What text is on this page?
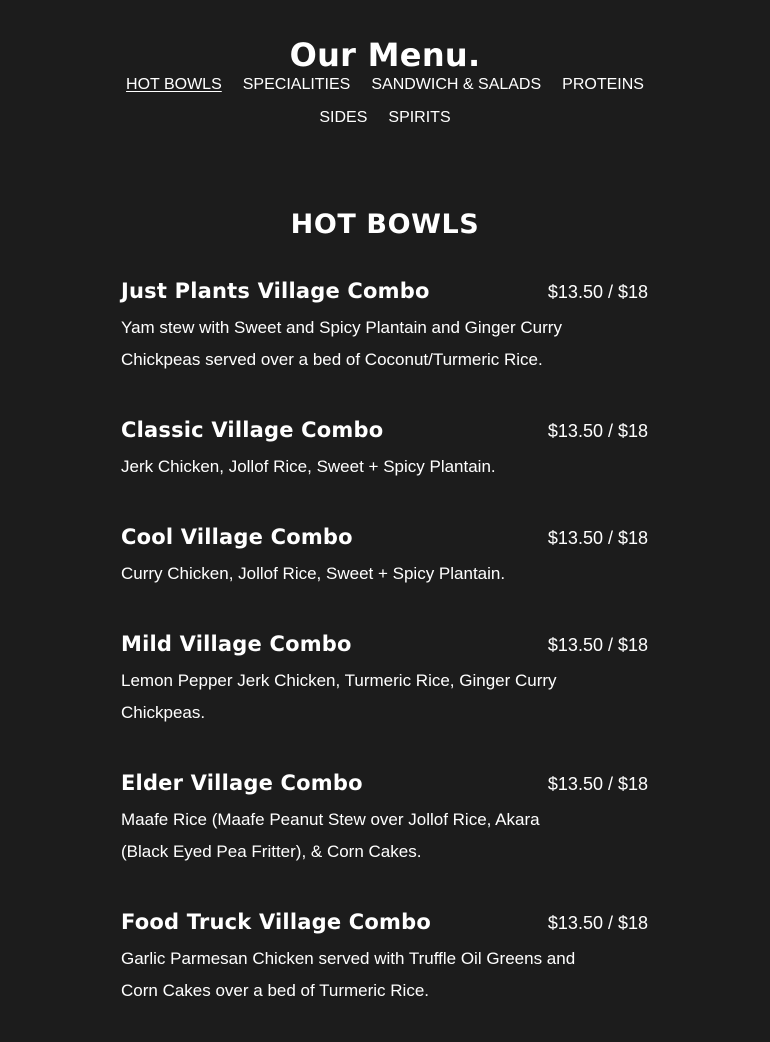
Our Menu.
HOT BOWLS SPECIALITIES SANDWICH & SALADS PROTEINS
SIDES SPIRITS
HOT BOWLS
Just Plants Village Combo	$13.50 / $18
Yam stew with Sweet and Spicy Plantain and Ginger Curry Chickpeas served over a bed of Coconut/Turmeric Rice.
Classic Village Combo	$13.50 / $18
Jerk Chicken, Jollof Rice, Sweet + Spicy Plantain.
Cool Village Combo	$13.50 / $18
Curry Chicken, Jollof Rice, Sweet + Spicy Plantain.
Mild Village Combo	$13.50 / $18
Lemon Pepper Jerk Chicken, Turmeric Rice, Ginger Curry Chickpeas.
Elder Village Combo	$13.50 / $18
Maafe Rice (Maafe Peanut Stew over Jollof Rice, Akara (Black Eyed Pea Fritter), & Corn Cakes.
Food Truck Village Combo	$13.50 / $18
Garlic Parmesan Chicken served with Truffle Oil Greens and Corn Cakes over a bed of Turmeric Rice.
